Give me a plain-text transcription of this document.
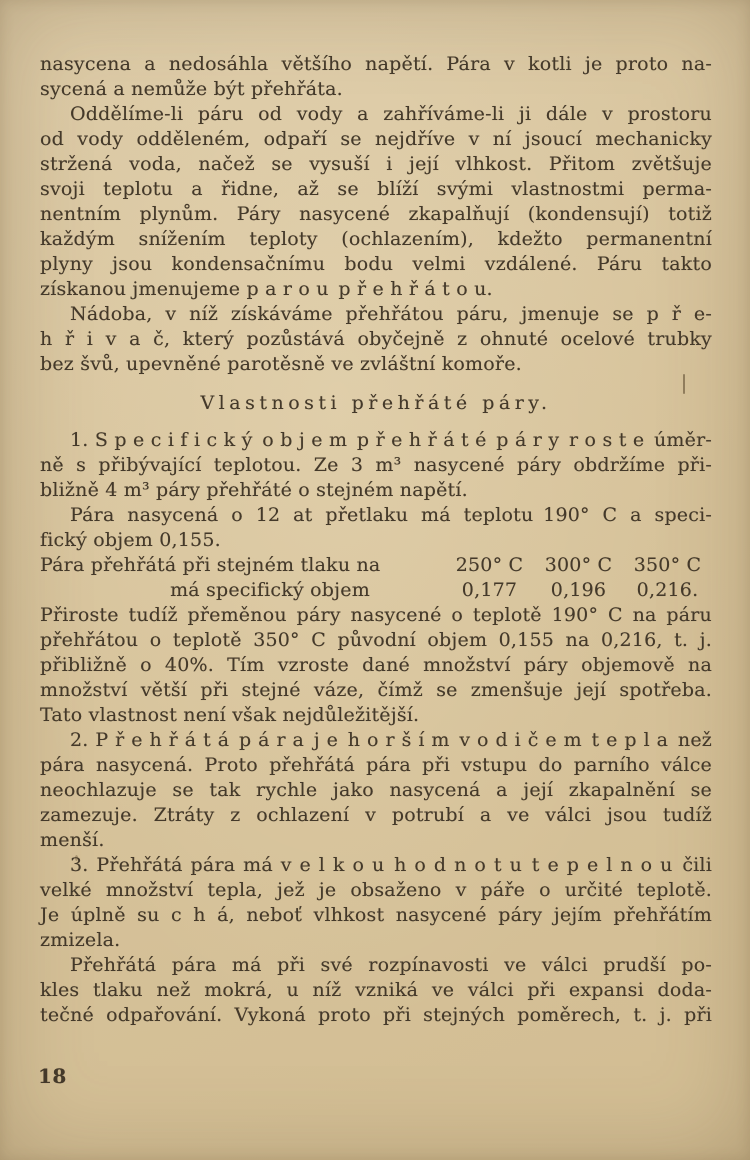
nasycena a nedosáhla většího napětí. Pára v kotli je proto na-
sycená a nemůže být přehřáta.
Oddělíme-li páru od vody a zahříváme-li ji dále v prostoru
od vody odděleném, odpaří se nejdříve v ní jsoucí mechanicky
stržená voda, načež se vysuší i její vlhkost. Přitom zvětšuje
svoji teplotu a řidne, až se blíží svými vlastnostmi perma-
nentním plynům. Páry nasycené zkapalňují (kondensují) totiž
každým snížením teploty (ochlazením), kdežto permanentní
plyny jsou kondensačnímu bodu velmi vzdálené. Páru takto
získanou jmenujeme p a r o u p ř e h ř á t o u.
Nádoba, v níž získáváme přehřátou páru, jmenuje se p ř e-
h ř i v a č, který pozůstává obyčejně z ohnuté ocelové trubky
bez švů, upevněné parotěsně ve zvláštní komoře.
Vlastnosti přehřáté páry.
1. S p e c i f i c k ý o b j e m p ř e h ř á t é p á r y r o s t e úměr-
ně s přibývající teplotou. Ze 3 m³ nasycené páry obdržíme při-
bližně 4 m³ páry přehřáté o stejném napětí.
Pára nasycená o 12 at přetlaku má teplotu 190° C a speci-
fický objem 0,155.
Pára přehřátá při stejném tlaku na	250° C	300° C	350° C
má specifický objem	0,177	0,196	0,216.
Přiroste tudíž přeměnou páry nasycené o teplotě 190° C na páru
přehřátou o teplotě 350° C původní objem 0,155 na 0,216, t. j.
přibližně o 40%. Tím vzroste dané množství páry objemově na
množství větší při stejné váze, čímž se zmenšuje její spotřeba.
Tato vlastnost není však nejdůležitější.
2. P ř e h ř á t á p á r a j e h o r š í m v o d i č e m t e p l a než
pára nasycená. Proto přehřátá pára při vstupu do parního válce
neochlazuje se tak rychle jako nasycená a její zkapalnění se
zamezuje. Ztráty z ochlazení v potrubí a ve válci jsou tudíž
menší.
3. Přehřátá pára má v e l k o u h o d n o t u t e p e l n o u čili
velké množství tepla, jež je obsaženo v páře o určité teplotě.
Je úplně su c h á, neboť vlhkost nasycené páry jejím přehřátím
zmizela.
Přehřátá pára má při své rozpínavosti ve válci prudší po-
kles tlaku než mokrá, u níž vzniká ve válci při expansi doda-
tečné odpařování. Vykoná proto při stejných poměrech, t. j. při
18
